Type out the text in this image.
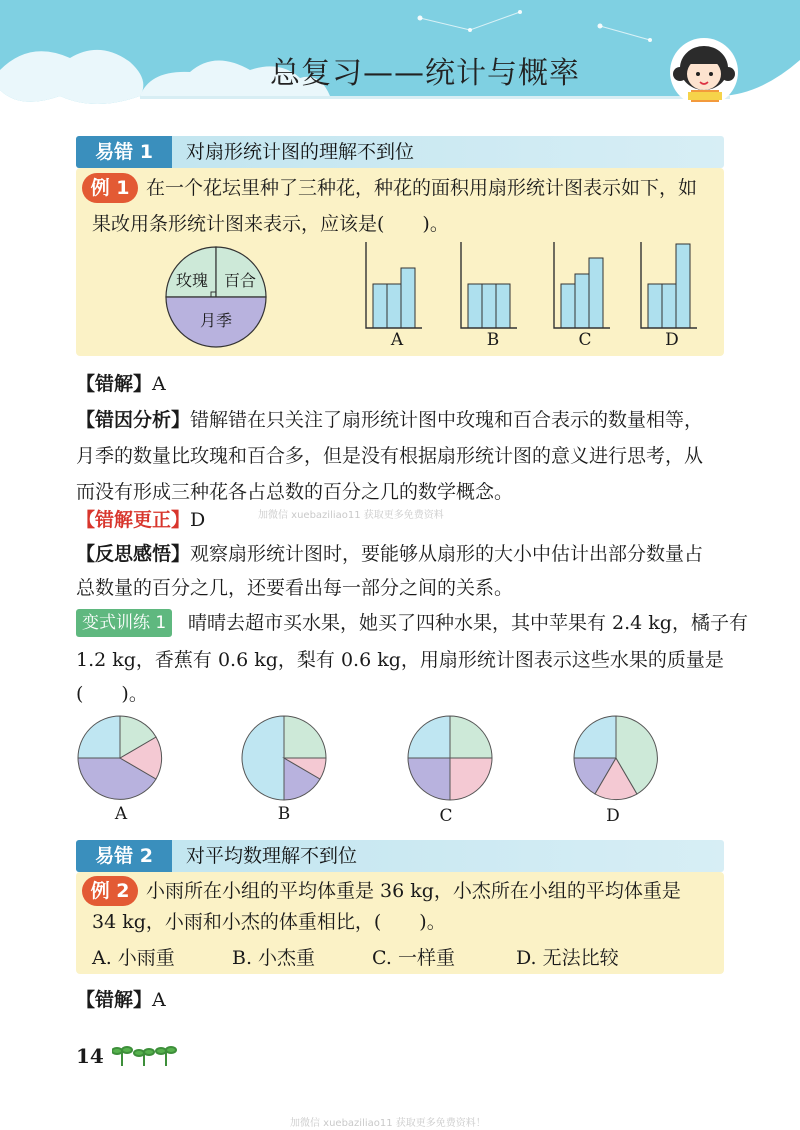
总复习——统计与概率
易错 1	对扇形统计图的理解不到位
例 1 在一个花坛里种了三种花，种花的面积用扇形统计图表示如下，如
果改用条形统计图来表示，应该是(　　)。
玫瑰 百合
月季
A	B	C	D
【错解】A
【错因分析】错解错在只关注了扇形统计图中玫瑰和百合表示的数量相等，
月季的数量比玫瑰和百合多，但是没有根据扇形统计图的意义进行思考，从
而没有形成三种花各占总数的百分之几的数学概念。
【错解更正】D	加微信 xuebaziliao11 获取更多免费资料
【反思感悟】观察扇形统计图时，要能够从扇形的大小中估计出部分数量占
总数量的百分之几，还要看出每一部分之间的关系。
变式训练 1	晴晴去超市买水果，她买了四种水果，其中苹果有 2.4 kg，橘子有
1.2 kg，香蕉有 0.6 kg，梨有 0.6 kg，用扇形统计图表示这些水果的质量是
(　　)。
A	B	C	D
易错 2	对平均数理解不到位
例 2 小雨所在小组的平均体重是 36 kg，小杰所在小组的平均体重是
34 kg，小雨和小杰的体重相比，(　　)。
A. 小雨重	B. 小杰重	C. 一样重	D. 无法比较
【错解】A
14
加微信 xuebaziliao11 获取更多免费资料！
